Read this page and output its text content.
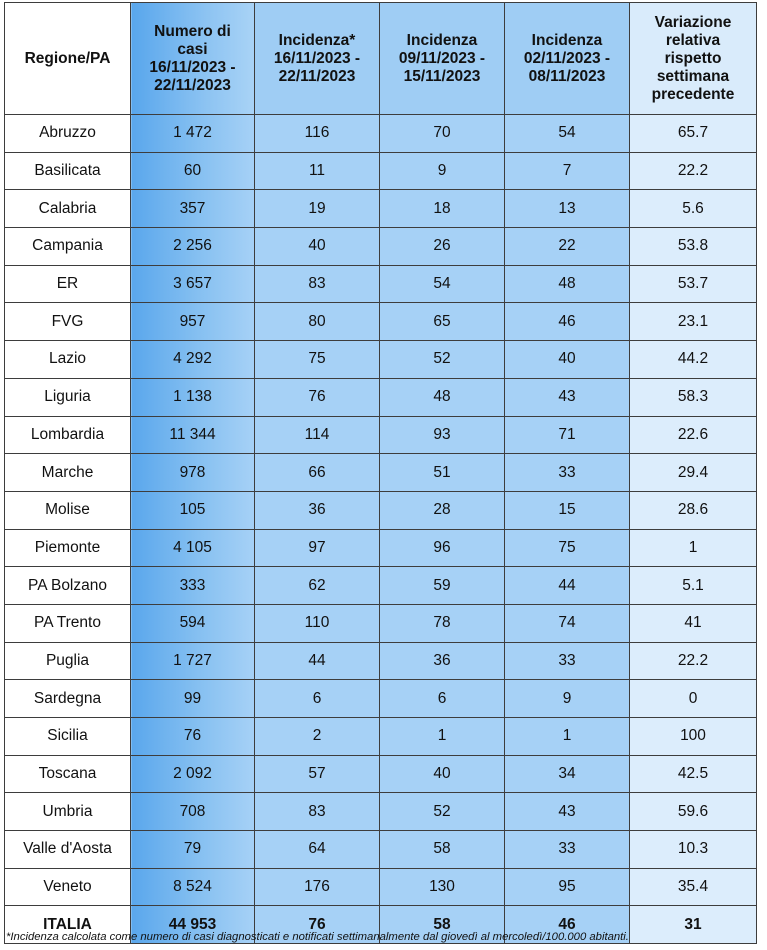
Regione/PA	Numero di
casi
16/11/2023 -
22/11/2023	Incidenza*
16/11/2023 -
22/11/2023	Incidenza
09/11/2023 -
15/11/2023	Incidenza
02/11/2023 -
08/11/2023	Variazione
relativa
rispetto
settimana
precedente
Abruzzo	1 472	116	70	54	65.7
Basilicata	60	11	9	7	22.2
Calabria	357	19	18	13	5.6
Campania	2 256	40	26	22	53.8
ER	3 657	83	54	48	53.7
FVG	957	80	65	46	23.1
Lazio	4 292	75	52	40	44.2
Liguria	1 138	76	48	43	58.3
Lombardia	11 344	114	93	71	22.6
Marche	978	66	51	33	29.4
Molise	105	36	28	15	28.6
Piemonte	4 105	97	96	75	1
PA Bolzano	333	62	59	44	5.1
PA Trento	594	110	78	74	41
Puglia	1 727	44	36	33	22.2
Sardegna	99	6	6	9	0
Sicilia	76	2	1	1	100
Toscana	2 092	57	40	34	42.5
Umbria	708	83	52	43	59.6
Valle d'Aosta	79	64	58	33	10.3
Veneto	8 524	176	130	95	35.4
ITALIA	44 953	76	58	46	31
*Incidenza calcolata come numero di casi diagnosticati e notificati settimanalmente dal giovedì al mercoledì/100.000 abitanti.
